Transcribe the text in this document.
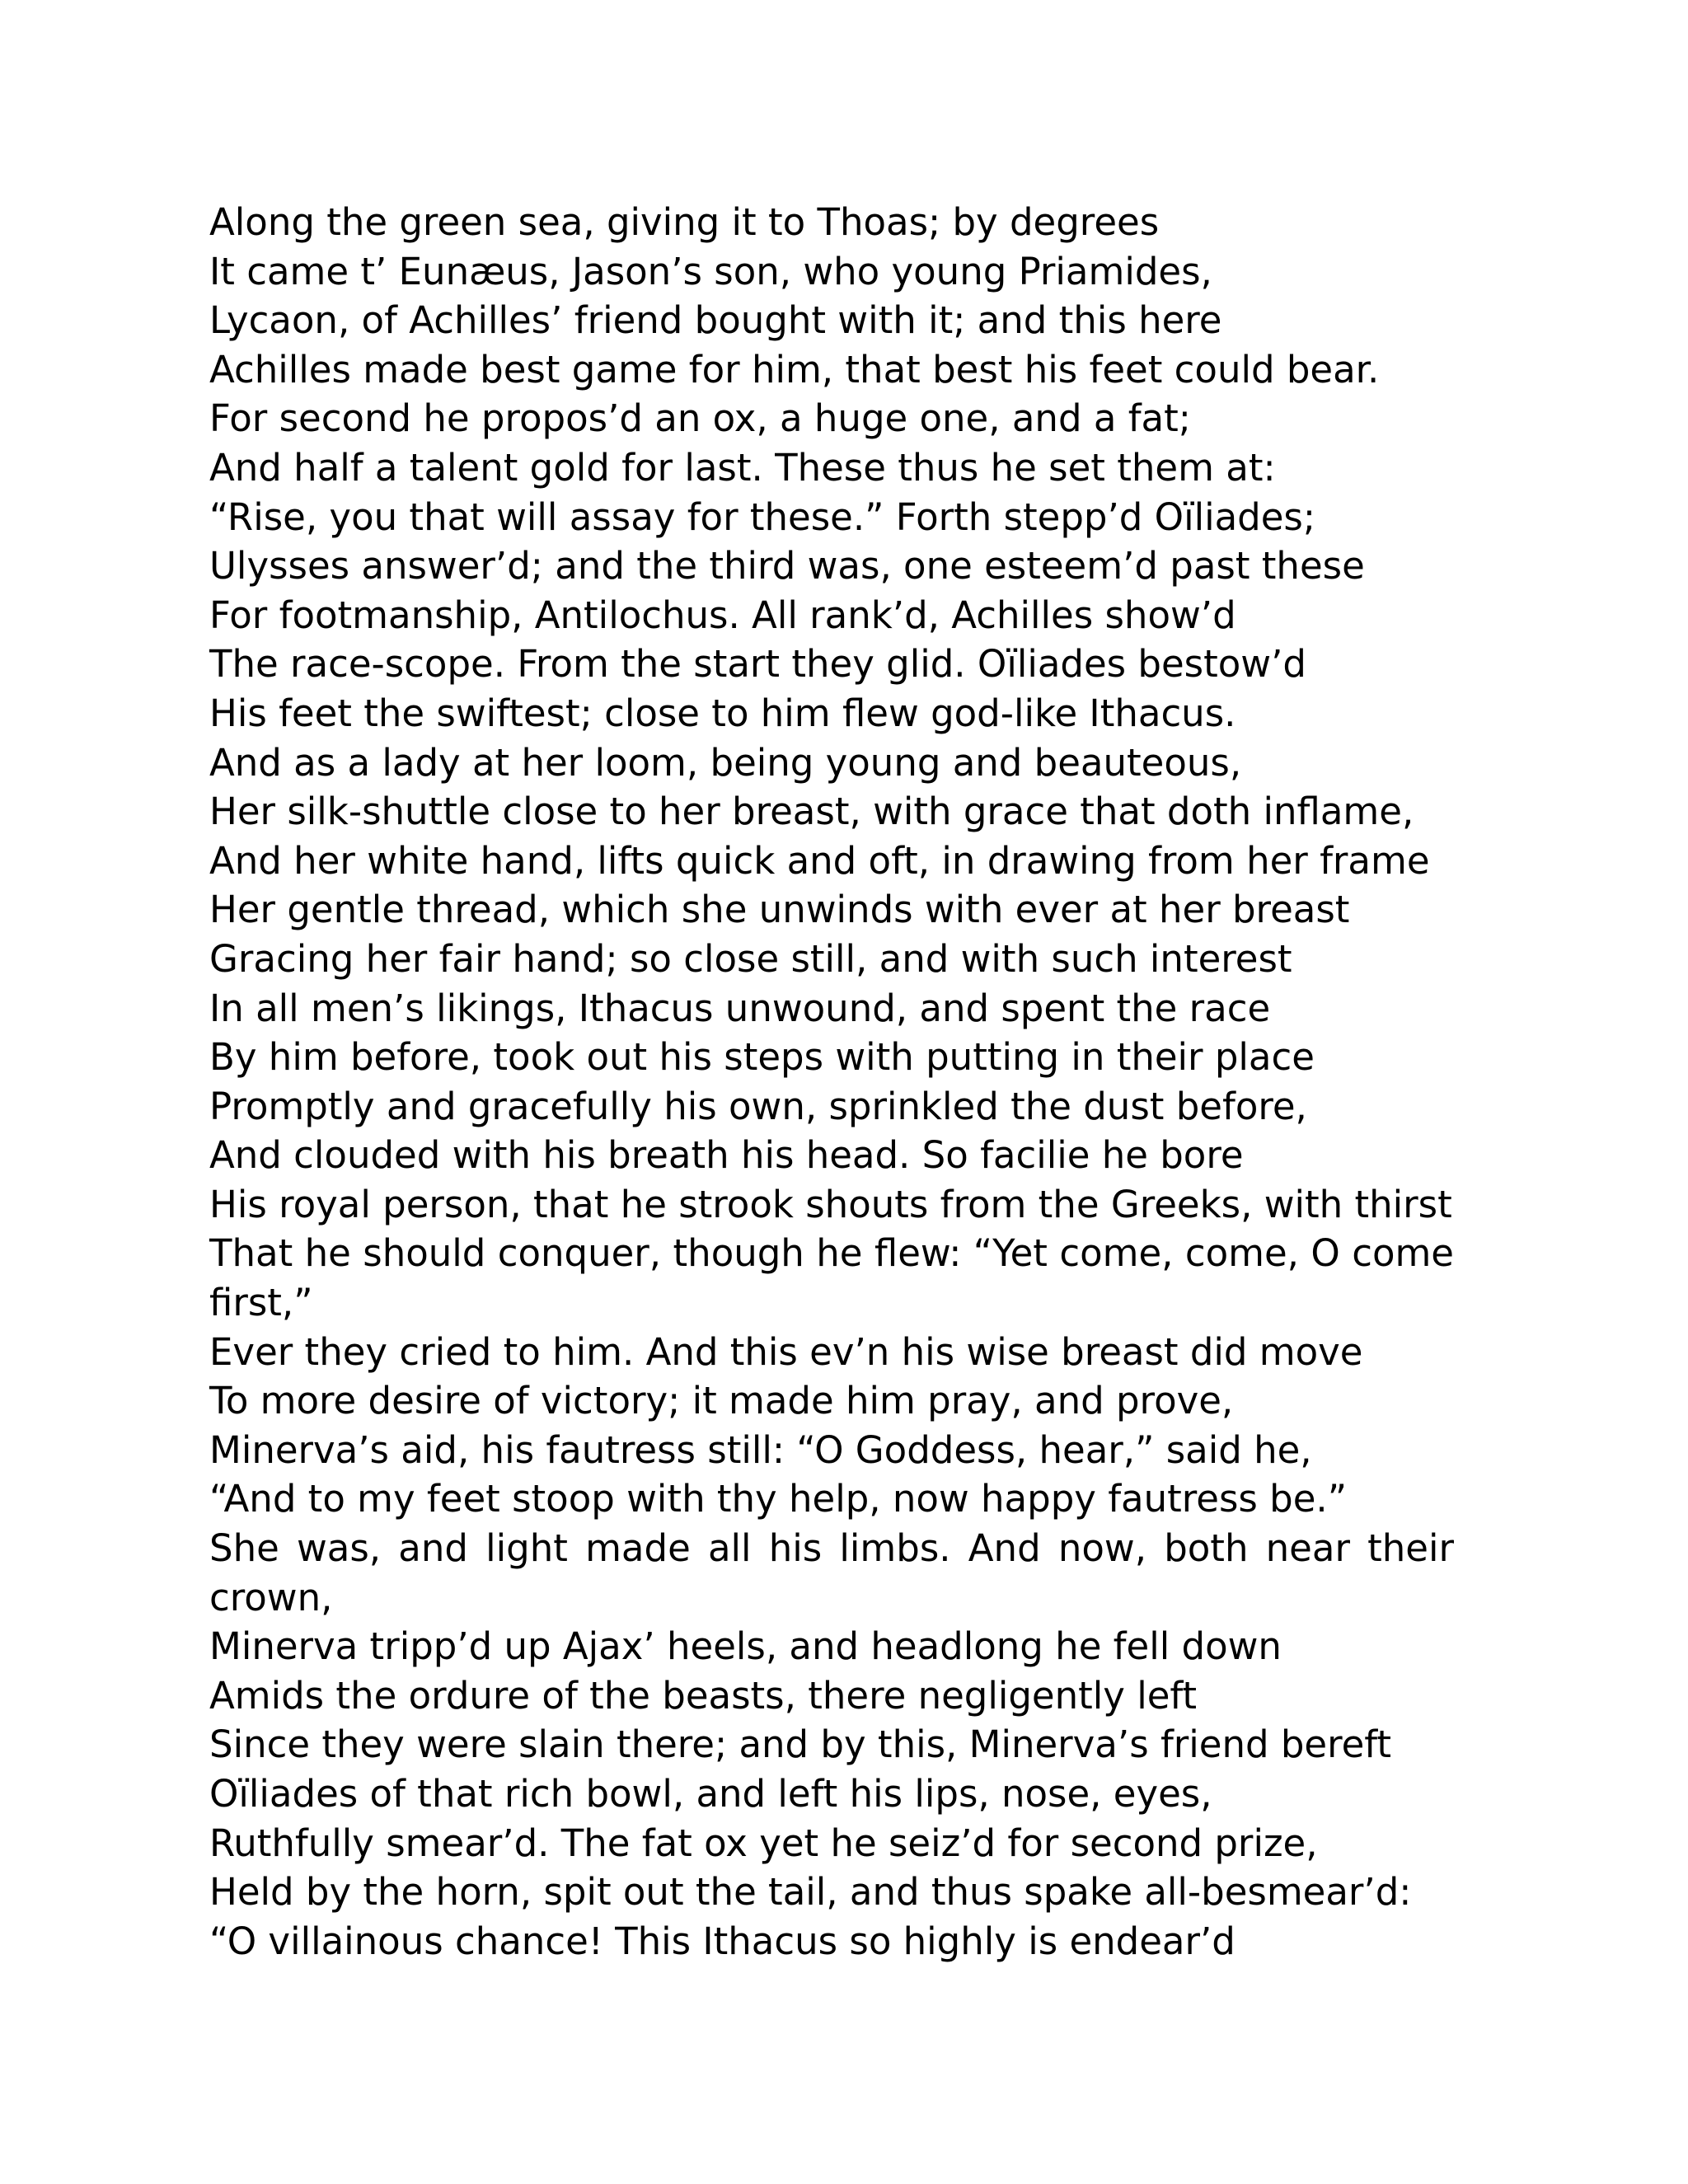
Along the green sea, giving it to Thoas; by degrees

It came t’ Eunæus, Jason’s son, who young Priamides,

Lycaon, of Achilles’ friend bought with it; and this here

Achilles made best game for him, that best his feet could bear.

For second he propos’d an ox, a huge one, and a fat;

And half a talent gold for last. These thus he set them at:

“Rise, you that will assay for these.” Forth stepp’d Oïliades;

Ulysses answer’d; and the third was, one esteem’d past these

For footmanship, Antilochus. All rank’d, Achilles show’d

The race-scope. From the start they glid. Oïliades bestow’d

His feet the swiftest; close to him flew god-like Ithacus.

And as a lady at her loom, being young and beauteous,

Her silk-shuttle close to her breast, with grace that doth inflame,

And her white hand, lifts quick and oft, in drawing from her frame

Her gentle thread, which she unwinds with ever at her breast

Gracing her fair hand; so close still, and with such interest

In all men’s likings, Ithacus unwound, and spent the race

By him before, took out his steps with putting in their place

Promptly and gracefully his own, sprinkled the dust before,

And clouded with his breath his head. So facilie he bore

His royal person, that he strook shouts from the Greeks, with thirst

That he should conquer, though he flew: “Yet come, come, O come

first,”

Ever they cried to him. And this ev’n his wise breast did move

To more desire of victory; it made him pray, and prove,

Minerva’s aid, his fautress still: “O Goddess, hear,” said he,

“And to my feet stoop with thy help, now happy fautress be.”

She was, and light made all his limbs. And now, both near their

crown,

Minerva tripp’d up Ajax’ heels, and headlong he fell down

Amids the ordure of the beasts, there negligently left

Since they were slain there; and by this, Minerva’s friend bereft

Oïliades of that rich bowl, and left his lips, nose, eyes,

Ruthfully smear’d. The fat ox yet he seiz’d for second prize,

Held by the horn, spit out the tail, and thus spake all-besmear’d:

“O villainous chance! This Ithacus so highly is endear’d
